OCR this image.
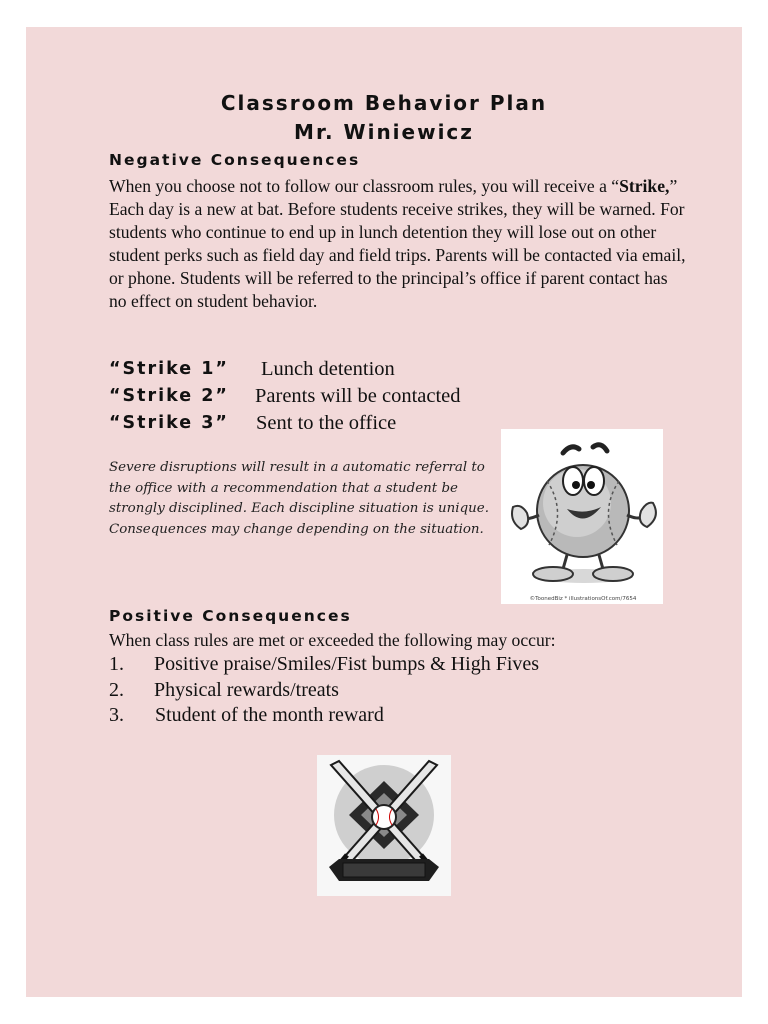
Classroom Behavior Plan
Mr. Winiewicz
Negative Consequences
When you choose not to follow our classroom rules, you will receive a “Strike,” Each day is a new at bat. Before students receive strikes, they will be warned. For students who continue to end up in lunch detention they will lose out on other student perks such as field day and field trips. Parents will be contacted via email, or phone. Students will be referred to the principal’s office if parent contact has no effect on student behavior.
“Strike 1” Lunch detention
“Strike 2” Parents will be contacted
“Strike 3” Sent to the office
Severe disruptions will result in a automatic referral to the office with a recommendation that a student be strongly disciplined. Each discipline situation is unique. Consequences may change depending on the situation.
©ToonedBiz * illustrationsOf.com/7654
Positive Consequences
When class rules are met or exceeded the following may occur:
1. Positive praise/Smiles/Fist bumps & High Fives
2. Physical rewards/treats
3. Student of the month reward
